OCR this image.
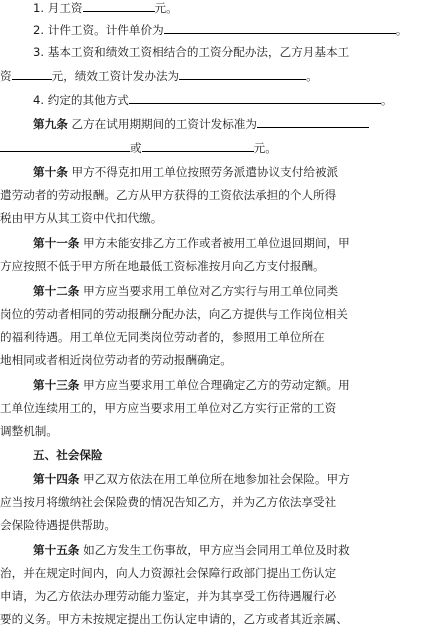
1. 月工资	元。
2. 计件工资。计件单价为	。
3. 基本工资和绩效工资相结合的工资分配办法，乙方月基本工
资	元，绩效工资计发办法为	。
4. 约定的其他方式	。
第九条 乙方在试用期期间的工资计发标准为
或	元。
第十条 甲方不得克扣用工单位按照劳务派遣协议支付给被派
遣劳动者的劳动报酬。乙方从甲方获得的工资依法承担的个人所得
税由甲方从其工资中代扣代缴。
第十一条 甲方未能安排乙方工作或者被用工单位退回期间，甲
方应按照不低于甲方所在地最低工资标准按月向乙方支付报酬。
第十二条 甲方应当要求用工单位对乙方实行与用工单位同类
岗位的劳动者相同的劳动报酬分配办法，向乙方提供与工作岗位相关
的福利待遇。用工单位无同类岗位劳动者的，参照用工单位所在
地相同或者相近岗位劳动者的劳动报酬确定。
第十三条 甲方应当要求用工单位合理确定乙方的劳动定额。用
工单位连续用工的，甲方应当要求用工单位对乙方实行正常的工资
调整机制。
五、社会保险
第十四条 甲乙双方依法在用工单位所在地参加社会保险。甲方
应当按月将缴纳社会保险费的情况告知乙方，并为乙方依法享受社
会保险待遇提供帮助。
第十五条 如乙方发生工伤事故，甲方应当会同用工单位及时救
治，并在规定时间内，向人力资源社会保障行政部门提出工伤认定
申请，为乙方依法办理劳动能力鉴定，并为其享受工伤待遇履行必
要的义务。甲方未按规定提出工伤认定申请的，乙方或者其近亲属、
